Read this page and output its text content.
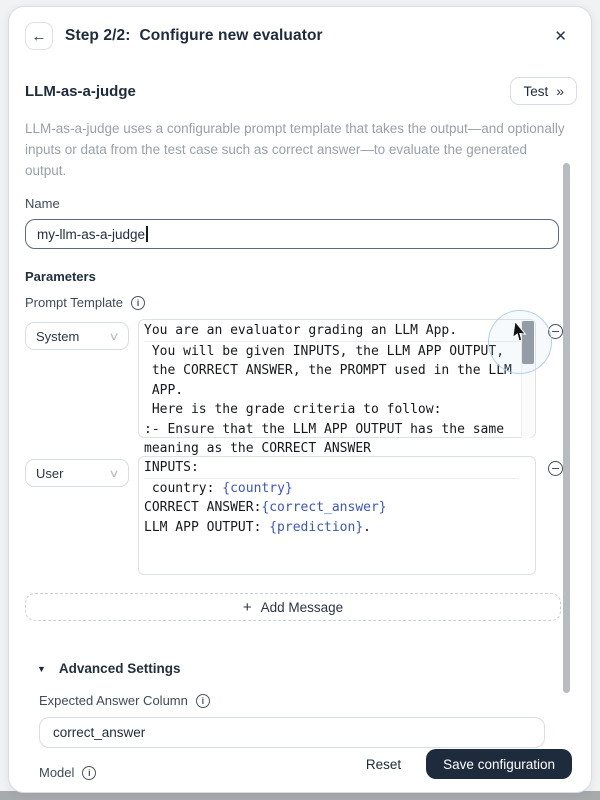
← Step 2/2: Configure new evaluator	✕
LLM-as-a-judge	Test »

LLM-as-a-judge uses a configurable prompt template that takes the output—and optionally inputs or data from the test case such as correct answer—to evaluate the generated output.

Name
my-llm-as-a-judge
Parameters
Prompt Template i
System	∨ You are an evaluator grading an LLM App.
You will be given INPUTS, the LLM APP OUTPUT,
the CORRECT ANSWER, the PROMPT used in the LLM
APP.
Here is the grade criteria to follow:
:- Ensure that the LLM APP OUTPUT has the same
meaning as the CORRECT ANSWER
User	∨ INPUTS:
country: {country}
CORRECT ANSWER:{correct_answer}
LLM APP OUTPUT: {prediction}.
+ Add Message
▼ Advanced Settings
Expected Answer Column i
correct_answer
Model i
Reset	Save configuration
